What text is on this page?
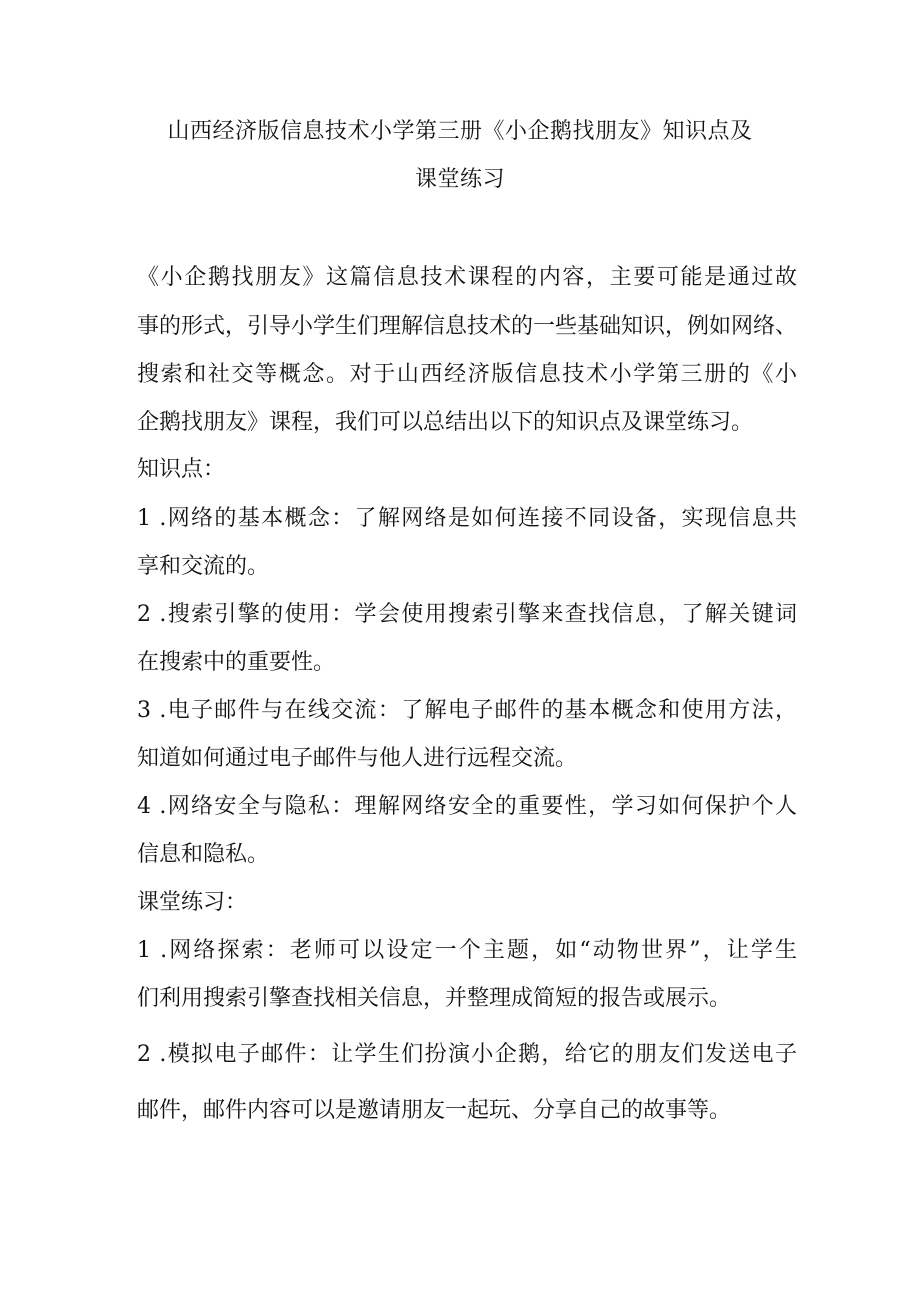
山西经济版信息技术小学第三册《小企鹅找朋友》知识点及
课堂练习
《小企鹅找朋友》这篇信息技术课程的内容，主要可能是通过故
事的形式，引导小学生们理解信息技术的一些基础知识，例如网络、
搜索和社交等概念。对于山西经济版信息技术小学第三册的《小
企鹅找朋友》课程，我们可以总结出以下的知识点及课堂练习。
知识点：
1 .网络的基本概念：了解网络是如何连接不同设备，实现信息共
享和交流的。
2 .搜索引擎的使用：学会使用搜索引擎来查找信息，了解关键词
在搜索中的重要性。
3 .电子邮件与在线交流：了解电子邮件的基本概念和使用方法，
知道如何通过电子邮件与他人进行远程交流。
4 .网络安全与隐私：理解网络安全的重要性，学习如何保护个人
信息和隐私。
课堂练习：
1 .网络探索：老师可以设定一个主题，如“动物世界”，让学生
们利用搜索引擎查找相关信息，并整理成简短的报告或展示。
2 .模拟电子邮件：让学生们扮演小企鹅，给它的朋友们发送电子
邮件，邮件内容可以是邀请朋友一起玩、分享自己的故事等。
